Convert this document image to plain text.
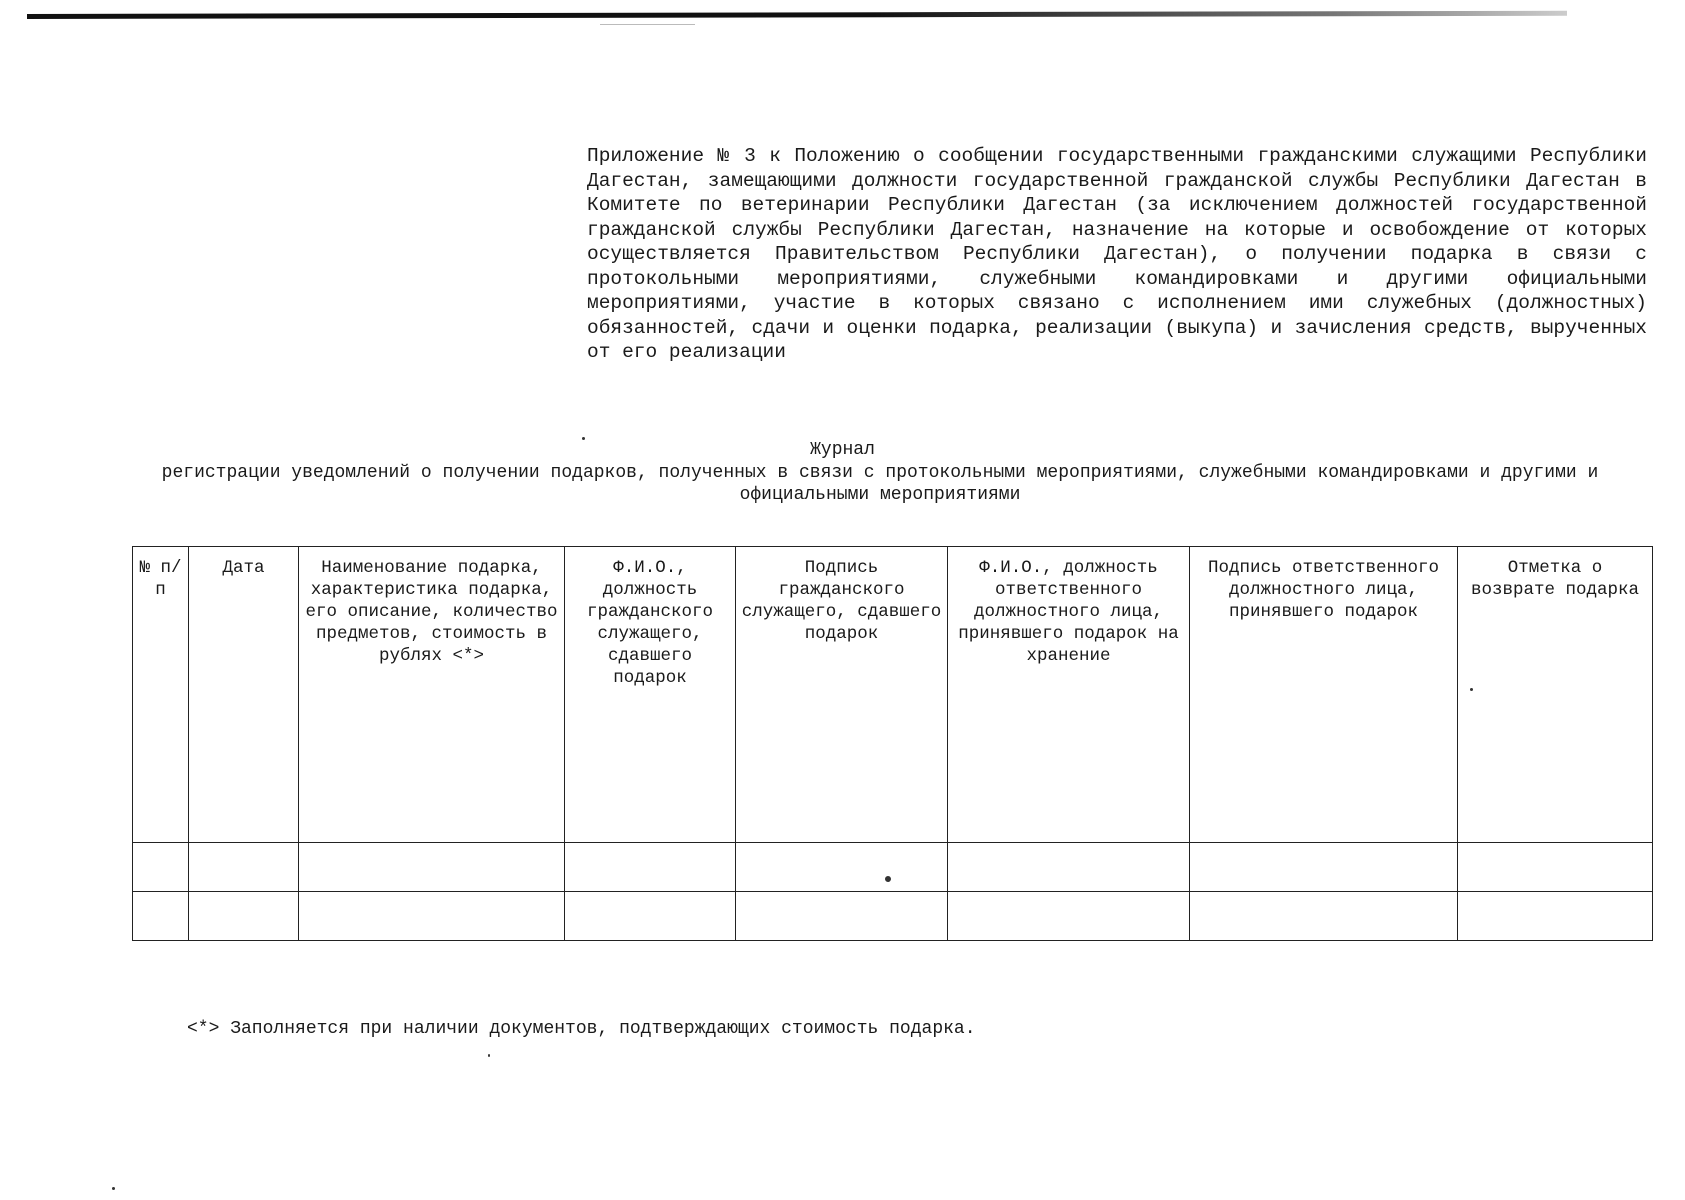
Приложение № 3 к Положению о сообщении государственными гражданскими служащими Республики Дагестан, замещающими должности государственной гражданской службы Республики Дагестан в Комитете по ветеринарии Республики Дагестан (за исключением должностей государственной гражданской службы Республики Дагестан, назначение на которые и освобождение от которых осуществляется Правительством Республики Дагестан), о получении подарка в связи с протокольными мероприятиями, служебными командировками и другими официальными мероприятиями, участие в которых связано с исполнением ими служебных (должностных) обязанностей, сдачи и оценки подарка, реализации (выкупа) и зачисления средств, вырученных от его реализации
Журнал
регистрации уведомлений о получении подарков, полученных в связи с протокольными мероприятиями, служебными командировками и другими и официальными мероприятиями
№ п/п	Дата	Наименование подарка, характеристика подарка, его описание, количество предметов, стоимость в рублях <*>	Ф.И.О., должность гражданского служащего, сдавшего подарок	Подпись гражданского служащего, сдавшего подарок	Ф.И.О., должность ответственного должностного лица, принявшего подарок на хранение	Подпись ответственного должностного лица, принявшего подарок	Отметка о возврате подарка

<*> Заполняется при наличии документов, подтверждающих стоимость подарка.
